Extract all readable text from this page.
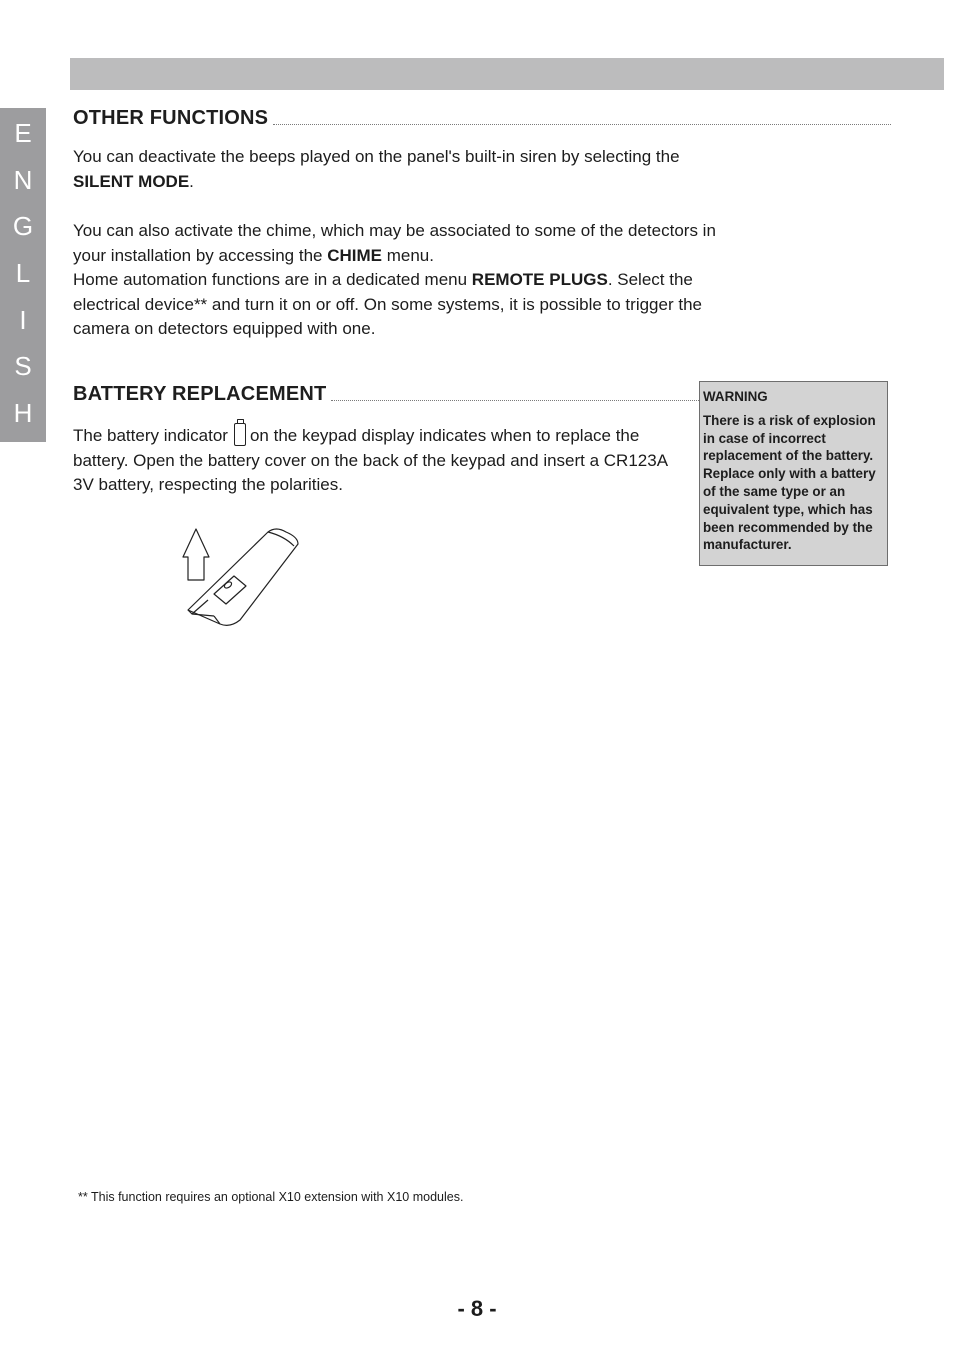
E
N
G
L
I
S
H
OTHER FUNCTIONS

You can deactivate the beeps played on the panel's built-in siren by selecting the SILENT MODE.

You can also activate the chime, which may be associated to some of the detectors in your installation by accessing the CHIME menu.
Home automation functions are in a dedicated menu REMOTE PLUGS. Select the electrical device** and turn it on or off. On some systems, it is possible to trigger the camera on detectors equipped with one.

BATTERY REPLACEMENT

The battery indicator on the keypad display indicates when to replace the battery. Open the battery cover on the back of the keypad and insert a CR123A 3V battery, respecting the polarities.

WARNING
There is a risk of explosion in case of incorrect replacement of the battery. Replace only with a battery of the same type or an equivalent type, which has been recommended by the manufacturer.

** This function requires an optional X10 extension with X10 modules.

- 8 -
